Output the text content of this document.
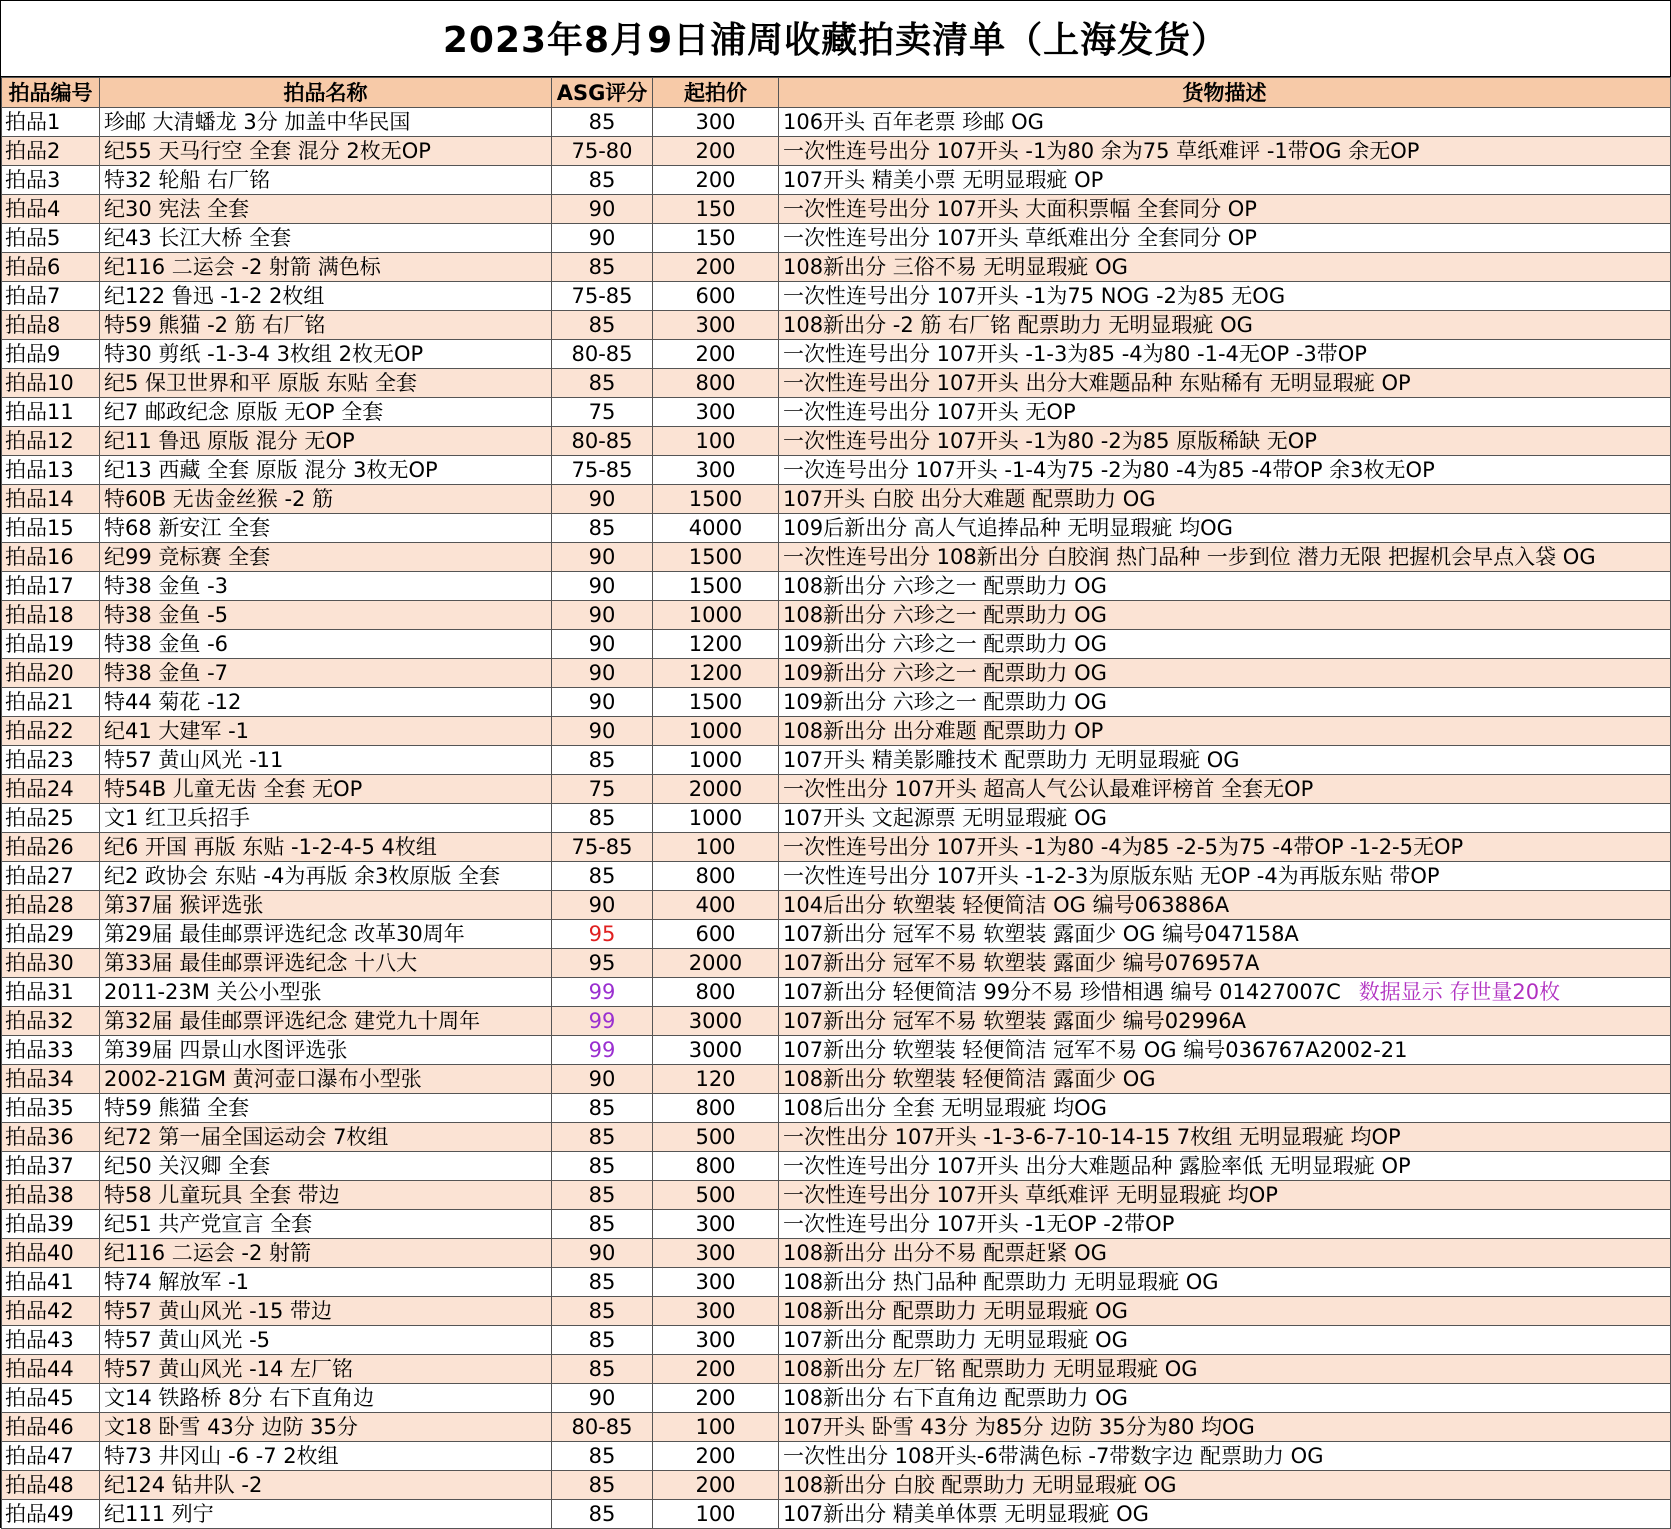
2023年8月9日浦周收藏拍卖清单（上海发货）
拍品编号	拍品名称	ASG评分	起拍价	货物描述
拍品1	珍邮 大清蟠龙 3分 加盖中华民国	85	300	106开头 百年老票 珍邮 OG
拍品2	纪55 天马行空 全套 混分 2枚无OP	75-80	200	一次性连号出分 107开头 -1为80 余为75 草纸难评 -1带OG 余无OP
拍品3	特32 轮船 右厂铭	85	200	107开头 精美小票 无明显瑕疵 OP
拍品4	纪30 宪法 全套	90	150	一次性连号出分 107开头 大面积票幅 全套同分 OP
拍品5	纪43 长江大桥 全套	90	150	一次性连号出分 107开头 草纸难出分 全套同分 OP
拍品6	纪116 二运会 -2 射箭 满色标	85	200	108新出分 三俗不易 无明显瑕疵 OG
拍品7	纪122 鲁迅 -1-2 2枚组	75-85	600	一次性连号出分 107开头 -1为75 NOG -2为85 无OG
拍品8	特59 熊猫 -2 筋 右厂铭	85	300	108新出分 -2 筋 右厂铭 配票助力 无明显瑕疵 OG
拍品9	特30 剪纸 -1-3-4 3枚组 2枚无OP	80-85	200	一次性连号出分 107开头 -1-3为85 -4为80 -1-4无OP -3带OP
拍品10	纪5 保卫世界和平 原版 东贴 全套	85	800	一次性连号出分 107开头 出分大难题品种 东贴稀有 无明显瑕疵 OP
拍品11	纪7 邮政纪念 原版 无OP 全套	75	300	一次性连号出分 107开头 无OP
拍品12	纪11 鲁迅 原版 混分 无OP	80-85	100	一次性连号出分 107开头 -1为80 -2为85 原版稀缺 无OP
拍品13	纪13 西藏 全套 原版 混分 3枚无OP	75-85	300	一次连号出分 107开头 -1-4为75 -2为80 -4为85 -4带OP 余3枚无OP
拍品14	特60B 无齿金丝猴 -2 筋	90	1500	107开头 白胶 出分大难题 配票助力 OG
拍品15	特68 新安江 全套	85	4000	109后新出分 高人气追捧品种 无明显瑕疵 均OG
拍品16	纪99 竞标赛 全套	90	1500	一次性连号出分 108新出分 白胶润 热门品种 一步到位 潜力无限 把握机会早点入袋 OG
拍品17	特38 金鱼 -3	90	1500	108新出分 六珍之一 配票助力 OG
拍品18	特38 金鱼 -5	90	1000	108新出分 六珍之一 配票助力 OG
拍品19	特38 金鱼 -6	90	1200	109新出分 六珍之一 配票助力 OG
拍品20	特38 金鱼 -7	90	1200	109新出分 六珍之一 配票助力 OG
拍品21	特44 菊花 -12	90	1500	109新出分 六珍之一 配票助力 OG
拍品22	纪41 大建军 -1	90	1000	108新出分 出分难题 配票助力 OP
拍品23	特57 黄山风光 -11	85	1000	107开头 精美影雕技术 配票助力 无明显瑕疵 OG
拍品24	特54B 儿童无齿 全套 无OP	75	2000	一次性出分 107开头 超高人气公认最难评榜首 全套无OP
拍品25	文1 红卫兵招手	85	1000	107开头 文起源票 无明显瑕疵 OG
拍品26	纪6 开国 再版 东贴 -1-2-4-5 4枚组	75-85	100	一次性连号出分 107开头 -1为80 -4为85 -2-5为75 -4带OP -1-2-5无OP
拍品27	纪2 政协会 东贴 -4为再版 余3枚原版 全套	85	800	一次性连号出分 107开头 -1-2-3为原版东贴 无OP -4为再版东贴 带OP
拍品28	第37届 猴评选张	90	400	104后出分 软塑装 轻便简洁 OG 编号063886A
拍品29	第29届 最佳邮票评选纪念 改革30周年	95	600	107新出分 冠军不易 软塑装 露面少 OG 编号047158A
拍品30	第33届 最佳邮票评选纪念 十八大	95	2000	107新出分 冠军不易 软塑装 露面少 编号076957A
拍品31	2011-23M 关公小型张	99	800	107新出分 轻便简洁 99分不易 珍惜相遇 编号 01427007C 数据显示 存世量20枚
拍品32	第32届 最佳邮票评选纪念 建党九十周年	99	3000	107新出分 冠军不易 软塑装 露面少 编号02996A
拍品33	第39届 四景山水图评选张	99	3000	107新出分 软塑装 轻便简洁 冠军不易 OG 编号036767A2002-21
拍品34	2002-21GM 黄河壶口瀑布小型张	90	120	108新出分 软塑装 轻便简洁 露面少 OG
拍品35	特59 熊猫 全套	85	800	108后出分 全套 无明显瑕疵 均OG
拍品36	纪72 第一届全国运动会 7枚组	85	500	一次性出分 107开头 -1-3-6-7-10-14-15 7枚组 无明显瑕疵 均OP
拍品37	纪50 关汉卿 全套	85	800	一次性连号出分 107开头 出分大难题品种 露脸率低 无明显瑕疵 OP
拍品38	特58 儿童玩具 全套 带边	85	500	一次性连号出分 107开头 草纸难评 无明显瑕疵 均OP
拍品39	纪51 共产党宣言 全套	85	300	一次性连号出分 107开头 -1无OP -2带OP
拍品40	纪116 二运会 -2 射箭	90	300	108新出分 出分不易 配票赶紧 OG
拍品41	特74 解放军 -1	85	300	108新出分 热门品种 配票助力 无明显瑕疵 OG
拍品42	特57 黄山风光 -15 带边	85	300	108新出分 配票助力 无明显瑕疵 OG
拍品43	特57 黄山风光 -5	85	300	107新出分 配票助力 无明显瑕疵 OG
拍品44	特57 黄山风光 -14 左厂铭	85	200	108新出分 左厂铭 配票助力 无明显瑕疵 OG
拍品45	文14 铁路桥 8分 右下直角边	90	200	108新出分 右下直角边 配票助力 OG
拍品46	文18 卧雪 43分 边防 35分	80-85	100	107开头 卧雪 43分 为85分 边防 35分为80 均OG
拍品47	特73 井冈山 -6 -7 2枚组	85	200	一次性出分 108开头-6带满色标 -7带数字边 配票助力 OG
拍品48	纪124 钻井队 -2	85	200	108新出分 白胶 配票助力 无明显瑕疵 OG
拍品49	纪111 列宁	85	100	107新出分 精美单体票 无明显瑕疵 OG
